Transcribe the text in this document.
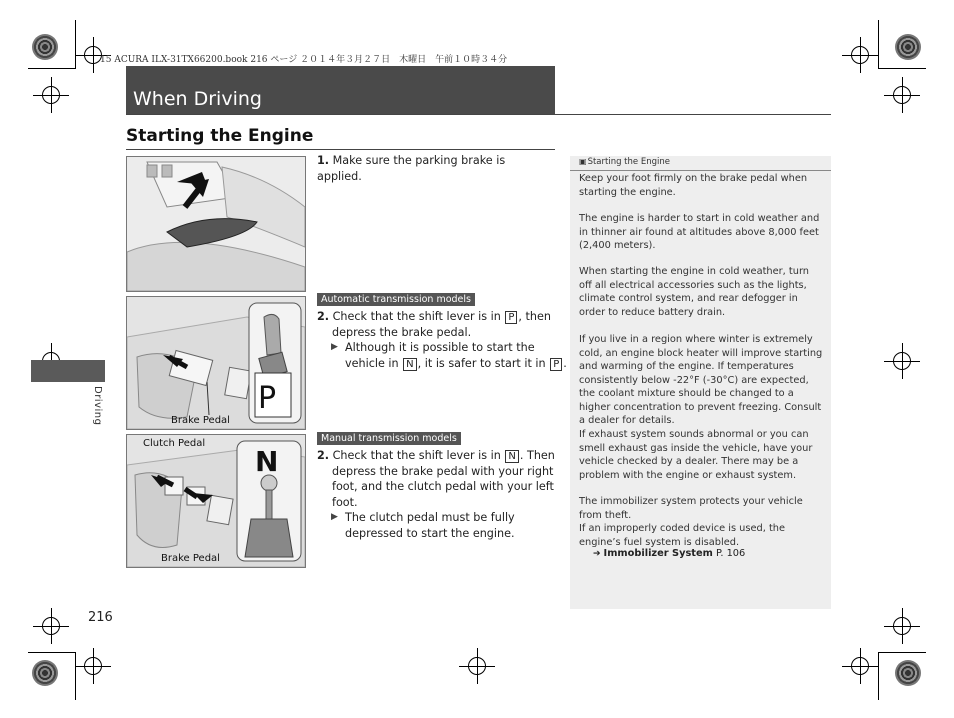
15 ACURA ILX-31TX66200.book 216 ページ ２０１４年３月２７日　木曜日　午前１０時３４分
When Driving
Starting the Engine
Driving	P
Brake Pedal
N
Clutch Pedal
Brake Pedal
1. Make sure the parking brake is applied.
Automatic transmission models
2. Check that the shift lever is in P , then depress the brake pedal.
▶ Although it is possible to start the vehicle in N , it is safer to start it in P .
Manual transmission models
2. Check that the shift lever is in N . Then depress the brake pedal with your right foot, and the clutch pedal with your left foot.
▶ The clutch pedal must be fully depressed to start the engine.
▣ Starting the Engine
Keep your foot firmly on the brake pedal when starting the engine.
The engine is harder to start in cold weather and in thinner air found at altitudes above 8,000 feet (2,400 meters).
When starting the engine in cold weather, turn off all electrical accessories such as the lights, climate control system, and rear defogger in order to reduce battery drain.
If you live in a region where winter is extremely cold, an engine block heater will improve starting and warming of the engine. If temperatures consistently below -22°F (-30°C) are expected, the coolant mixture should be changed to a higher concentration to prevent freezing. Consult a dealer for details.
If exhaust system sounds abnormal or you can smell exhaust gas inside the vehicle, have your vehicle checked by a dealer. There may be a problem with the engine or exhaust system.
The immobilizer system protects your vehicle from theft.
If an improperly coded device is used, the engine’s fuel system is disabled.
➔ Immobilizer System P. 106
216
